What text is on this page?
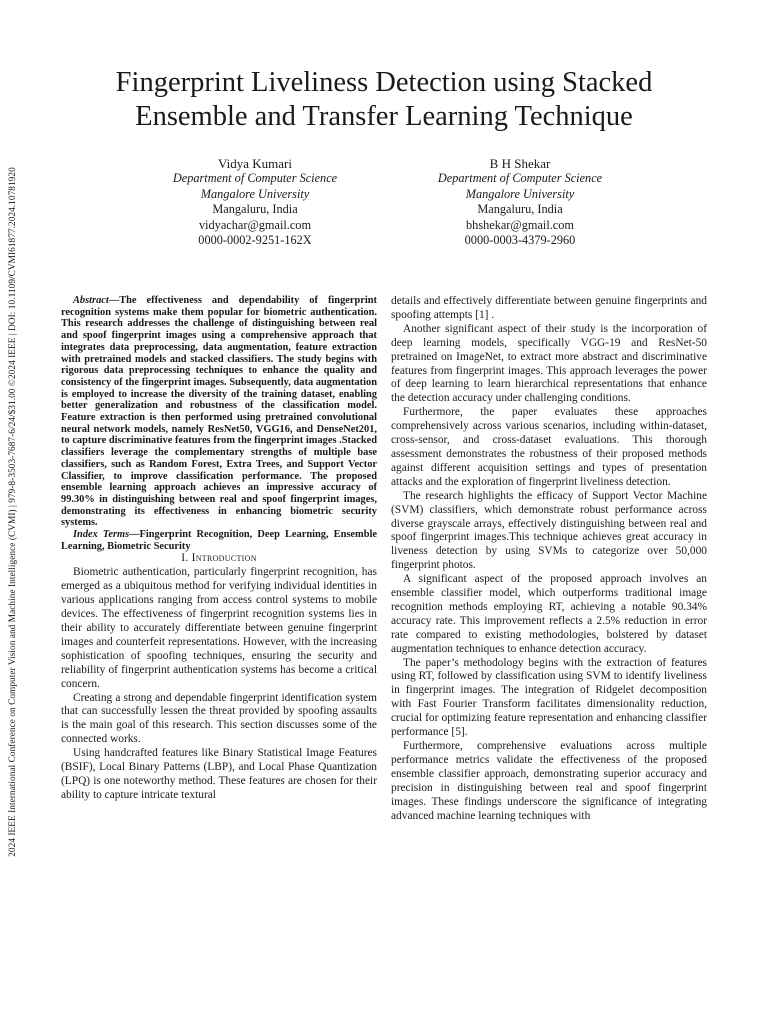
2024 IEEE International Conference on Computer Vision and Machine Intelligence (CVMI) | 979-8-3503-7687-6/24/$31.00 ©2024 IEEE | DOI: 10.1109/CVMI61877.2024.10781920
Fingerprint Liveliness Detection using Stacked Ensemble and Transfer Learning Technique
Vidya Kumari
Department of Computer Science
Mangalore University
Mangaluru, India
vidyachar@gmail.com
0000-0002-9251-162X
B H Shekar
Department of Computer Science
Mangalore University
Mangaluru, India
bhshekar@gmail.com
0000-0003-4379-2960

Abstract—The effectiveness and dependability of fingerprint recognition systems make them popular for biometric authentication. This research addresses the challenge of distinguishing between real and spoof fingerprint images using a comprehensive approach that integrates data preprocessing, data augmentation, feature extraction with pretrained models and stacked classifiers. The study begins with rigorous data preprocessing techniques to enhance the quality and consistency of the fingerprint images. Subsequently, data augmentation is employed to increase the diversity of the training dataset, enabling better generalization and robustness of the classification model. Feature extraction is then performed using pretrained convolutional neural network models, namely ResNet50, VGG16, and DenseNet201, to capture discriminative features from the fingerprint images .Stacked classifiers leverage the complementary strengths of multiple base classifiers, such as Random Forest, Extra Trees, and Support Vector Classifier, to improve classification performance. The proposed ensemble learning approach achieves an impressive accuracy of 99.30% in distinguishing between real and spoof fingerprint images, demonstrating its effectiveness in enhancing biometric security systems.

Index Terms—Fingerprint Recognition, Deep Learning, Ensemble Learning, Biometric Security

I. Introduction

Biometric authentication, particularly fingerprint recognition, has emerged as a ubiquitous method for verifying individual identities in various applications ranging from access control systems to mobile devices. The effectiveness of fingerprint recognition systems lies in their ability to accurately differentiate between genuine fingerprint images and counterfeit representations. However, with the increasing sophistication of spoofing techniques, ensuring the security and reliability of fingerprint authentication systems has become a critical concern.

Creating a strong and dependable fingerprint identification system that can successfully lessen the threat provided by spoofing assaults is the main goal of this research. This section discusses some of the connected works.

Using handcrafted features like Binary Statistical Image Features (BSIF), Local Binary Patterns (LBP), and Local Phase Quantization (LPQ) is one noteworthy method. These features are chosen for their ability to capture intricate textural

details and effectively differentiate between genuine fingerprints and spoofing attempts [1] .

Another significant aspect of their study is the incorporation of deep learning models, specifically VGG-19 and ResNet-50 pretrained on ImageNet, to extract more abstract and discriminative features from fingerprint images. This approach leverages the power of deep learning to learn hierarchical representations that enhance the detection accuracy under challenging conditions.

Furthermore, the paper evaluates these approaches comprehensively across various scenarios, including within-dataset, cross-sensor, and cross-dataset evaluations. This thorough assessment demonstrates the robustness of their proposed methods against different acquisition settings and types of presentation attacks and the exploration of fingerprint liveliness detection.

The research highlights the efficacy of Support Vector Machine (SVM) classifiers, which demonstrate robust performance across diverse grayscale arrays, effectively distinguishing between real and spoof fingerprint images.This technique achieves great accuracy in liveness detection by using SVMs to categorize over 50,000 fingerprint photos.

A significant aspect of the proposed approach involves an ensemble classifier model, which outperforms traditional image recognition methods employing RT, achieving a notable 90.34% accuracy rate. This improvement reflects a 2.5% reduction in error rate compared to existing methodologies, bolstered by dataset augmentation techniques to enhance detection accuracy.

The paper’s methodology begins with the extraction of features using RT, followed by classification using SVM to identify liveliness in fingerprint images. The integration of Ridgelet decomposition with Fast Fourier Transform facilitates dimensionality reduction, crucial for optimizing feature representation and enhancing classifier performance [5].

Furthermore, comprehensive evaluations across multiple performance metrics validate the effectiveness of the proposed ensemble classifier approach, demonstrating superior accuracy and precision in distinguishing between real and spoof fingerprint images. These findings underscore the significance of integrating advanced machine learning techniques with
